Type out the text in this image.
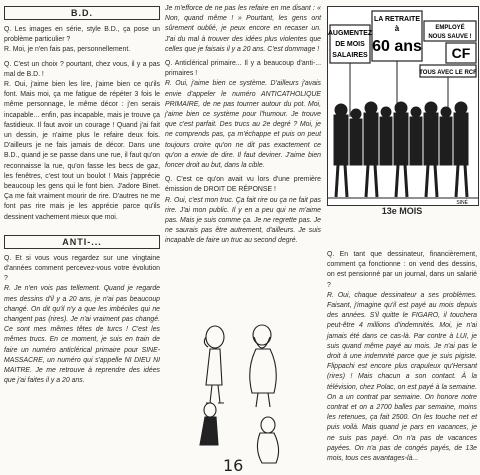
B.D.

Q. Les images en série, style B.D., ça pose un problème particulier ?

R. Moi, je n'en fais pas, personnellement.

Q. C'est un choix ? pourtant, chez vous, il y a pas mal de B.D. !

R. Oui, j'aime bien les lire, j'aime bien ce qu'ils font. Mais moi, ça me fatigue de répéter 3 fois le même personnage, le même décor : j'en serais incapable... enfin, pas incapable, mais je trouve ça fastidieux. Il faut avoir un courage ! Quand j'ai fait un dessin, je n'aime plus le refaire deux fois. D'ailleurs je ne fais jamais de décor. Dans une B.D., quand je se passe dans une rue, il faut qu'on reconnaisse la rue, qu'on fasse les becs de gaz, les fenêtres, c'est tout un boulot ! Mais j'apprécie beaucoup les gens qui le font bien. J'adore Binet. Ça me fait vraiment mourir de rire. D'autres ne me font pas rire mais je les apprécie parce qu'ils dessinent vachement mieux que moi.

ANTI-...

Q. Et si vous vous regardez sur une vingtaine d'années comment percevez-vous votre évolution ?

R. Je n'en vois pas tellement. Quand je regarde mes dessins d'il y a 20 ans, je n'ai pas beaucoup changé. On dit qu'il n'y a que les imbéciles qui ne changent pas (rires). Je n'ai vraiment pas changé. Ce sont mes mêmes têtes de turcs ! C'est les mêmes trucs. En ce moment, je suis en train de faire un numéro anticlérical primaire pour SINE-MASSACRE, un numéro qui s'appelle NI DIEU NI MAITRE. Je me retrouve à reprendre des idées que j'ai faites il y a 20 ans.

Je m'efforce de ne pas les refaire en me disant : « Non, quand même ! » Pourtant, les gens ont sûrement oublié, je peux encore en recaser un. J'ai du mal à trouver des idées plus violentes que celles que je faisais il y a 20 ans. C'est dommage !

Q. Anticlérical primaire... Il y a beaucoup d'anti-... primaires !

R. Oui, j'aime bien ce système. D'ailleurs j'avais envie d'appeler le numéro ANTICATHOLIQUE PRIMAIRE, de ne pas tourner autour du pot. Moi, j'aime bien ce système pour l'humour. Je trouve que c'est parfait. Des trucs au 2e degré ? Moi, je ne comprends pas, ça m'échappe et puis on peut toujours croire qu'on ne dit pas exactement ce qu'on a envie de dire. Il faut deviner. J'aime bien foncer droit au but, dans la cible.

Q. C'est ce qu'on avait vu lors d'une première émission de DROIT DE RÉPONSE !

R. Oui, c'est mon truc. Ça fait rire ou ça ne fait pas rire. J'ai mon public. Il y en a peu qui ne m'aime pas. Mais je suis comme ça. Je ne regrette pas. Je ne saurais pas être autrement, d'ailleurs. Je suis incapable de faire un truc au second degré.

AUGMENTEZ
DE MOIS
SALAIRES
LA RETRAITE
à
60 ans
EMPLOYÉ
NOUS SAUVE !
CF
TOUS AVEC LE RCF
SINÉ
13e MOIS

Q. En tant que dessinateur, financièrement, comment ça fonctionne : on vend des dessins, on est pensionné par un journal, dans un salarié ?

R. Oui, chaque dessinateur a ses problèmes. Faisant, j'imagine qu'il est payé au mois depuis des années. S'il quitte le FIGARO, il touchera peut-être 4 millions d'indemnités. Moi, je n'ai jamais été dans ce cas-là. Par contre à LUI, je suis quand même payé au mois. Je n'ai pas le droit à une indemnité parce que je suis pigiste. Flippachi est encore plus crapuleux qu'Hersant (rires) ! Mais chacun a son contact. À la télévision, chez Polac, on est payé à la semaine. On a un contrat par semaine. On honore notre contrat et on a 2700 balles par semaine, moins les retenues, ça fait 2500. On les touche net et puis voilà. Mais quand je pars en vacances, je ne suis pas payé. On n'a pas de vacances payées. On n'a pas de congés payés, de 13e mois, tous ces avantages-là...

16
